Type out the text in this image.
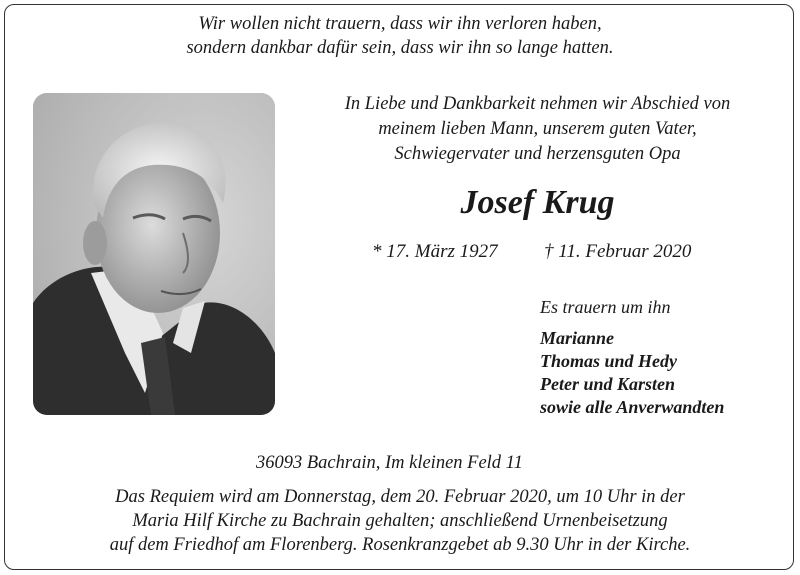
Wir wollen nicht trauern, dass wir ihn verloren haben,
sondern dankbar dafür sein, dass wir ihn so lange hatten.
In Liebe und Dankbarkeit nehmen wir Abschied von
meinem lieben Mann, unserem guten Vater,
Schwiegervater und herzensguten Opa
Josef Krug
* 17. März 1927 † 11. Februar 2020
Es trauern um ihn
Marianne
Thomas und Hedy
Peter und Karsten
sowie alle Anverwandten
36093 Bachrain, Im kleinen Feld 11
Das Requiem wird am Donnerstag, dem 20. Februar 2020, um 10 Uhr in der
Maria Hilf Kirche zu Bachrain gehalten; anschließend Urnenbeisetzung
auf dem Friedhof am Florenberg. Rosenkranzgebet ab 9.30 Uhr in der Kirche.
